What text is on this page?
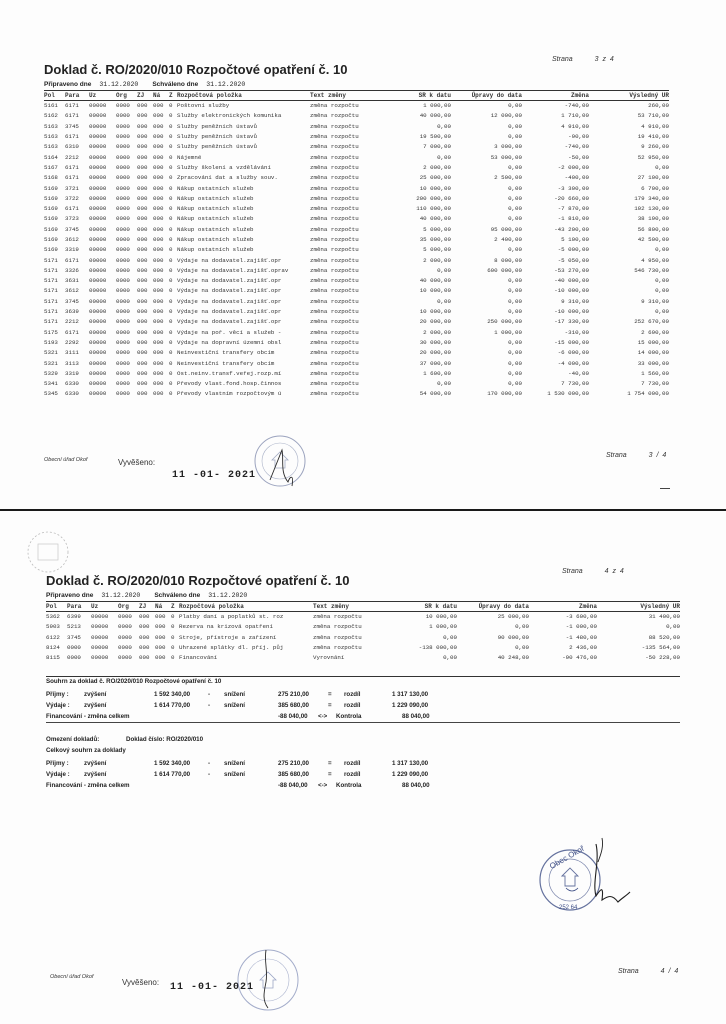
Strana	3 z 4
Doklad č. RO/2020/010 Rozpočtové opatření č. 10
Připraveno dne 31.12.2020 Schváleno dne 31.12.2020
Pol	Para	Uz	Org	ZJ	Ná	Z	Rozpočtová položka	Text změny	SR k datu	Úpravy do data	Změna	Výsledný UR
5161	6171	00000	0000	000	000	0	Poštovní služby	změna rozpočtu	1 000,00	0,00	-740,00	260,00
5162	6171	00000	0000	000	000	0	Služby elektronických komunika	změna rozpočtu	40 000,00	12 000,00	1 710,00	53 710,00
5163	3745	00000	0000	000	000	0	Služby peněžních ústavů	změna rozpočtu	0,00	0,00	4 910,00	4 910,00
5163	6171	00000	0000	000	000	0	Služby peněžních ústavů	změna rozpočtu	19 500,00	0,00	-90,00	19 410,00
5163	6310	00000	0000	000	000	0	Služby peněžních ústavů	změna rozpočtu	7 000,00	3 000,00	-740,00	9 260,00
5164	2212	00000	0000	000	000	0	Nájemné	změna rozpočtu	0,00	53 000,00	-50,00	52 950,00
5167	6171	00000	0000	000	000	0	Služby školení a vzdělávání	změna rozpočtu	2 000,00	0,00	-2 000,00	0,00
5168	6171	00000	0000	000	000	0	Zpracování dat a služby souv.	změna rozpočtu	25 000,00	2 500,00	-400,00	27 100,00
5169	3721	00000	0000	000	000	0	Nákup ostatních služeb	změna rozpočtu	10 000,00	0,00	-3 300,00	6 700,00
5169	3722	00000	0000	000	000	0	Nákup ostatních služeb	změna rozpočtu	200 000,00	0,00	-20 660,00	179 340,00
5169	6171	00000	0000	000	000	0	Nákup ostatních služeb	změna rozpočtu	110 000,00	0,00	-7 870,00	102 130,00
5169	3723	00000	0000	000	000	0	Nákup ostatních služeb	změna rozpočtu	40 000,00	0,00	-1 810,00	38 190,00
5169	3745	00000	0000	000	000	0	Nákup ostatních služeb	změna rozpočtu	5 000,00	95 000,00	-43 200,00	56 800,00
5169	3612	00000	0000	000	000	0	Nákup ostatních služeb	změna rozpočtu	35 000,00	2 400,00	5 100,00	42 500,00
5169	3319	00000	0000	000	000	0	Nákup ostatních služeb	změna rozpočtu	5 000,00	0,00	-5 000,00	0,00
5171	6171	00000	0000	000	000	0	Výdaje na dodavatel.zajišť.opr	změna rozpočtu	2 000,00	8 000,00	-5 050,00	4 950,00
5171	3326	00000	0000	000	000	0	Výdaje na dodavatel.zajišť.oprav	změna rozpočtu	0,00	600 000,00	-53 270,00	546 730,00
5171	3631	00000	0000	000	000	0	Výdaje na dodavatel.zajišť.opr	změna rozpočtu	40 000,00	0,00	-40 000,00	0,00
5171	3612	00000	0000	000	000	0	Výdaje na dodavatel.zajišť.opr	změna rozpočtu	10 000,00	0,00	-10 000,00	0,00
5171	3745	00000	0000	000	000	0	Výdaje na dodavatel.zajišť.opr	změna rozpočtu	0,00	0,00	9 310,00	9 310,00
5171	3639	00000	0000	000	000	0	Výdaje na dodavatel.zajišť.opr	změna rozpočtu	10 000,00	0,00	-10 000,00	0,00
5171	2212	00000	0000	000	000	0	Výdaje na dodavatel.zajišť.opr	změna rozpočtu	20 000,00	250 000,00	-17 330,00	252 670,00
5175	6171	00000	0000	000	000	0	Výdaje na poř. věcí a služeb -	změna rozpočtu	2 000,00	1 000,00	-310,00	2 690,00
5193	2292	00000	0000	000	000	0	Výdaje na dopravní územní obsl	změna rozpočtu	30 000,00	0,00	-15 000,00	15 000,00
5321	3111	00000	0000	000	000	0	Neinvestiční transfery obcím	změna rozpočtu	20 000,00	0,00	-6 000,00	14 000,00
5321	3113	00000	0000	000	000	0	Neinvestiční transfery obcím	změna rozpočtu	37 000,00	0,00	-4 000,00	33 000,00
5329	3319	00000	0000	000	000	0	Ost.neinv.transf.veřej.rozp.mí	změna rozpočtu	1 600,00	0,00	-40,00	1 560,00
5341	6330	00000	0000	000	000	0	Převody vlast.fond.hosp.činnos	změna rozpočtu	0,00	0,00	7 730,00	7 730,00
5345	6330	00000	0000	000	000	0	Převody vlastním rozpočtovým ú	změna rozpočtu	54 000,00	170 000,00	1 530 000,00	1 754 000,00
Obecní úřad Okoř	Vyvěšeno:
11 -01- 2021
Strana	3 / 4
Strana	4 z 4
Doklad č. RO/2020/010 Rozpočtové opatření č. 10
Připraveno dne 31.12.2020 Schváleno dne 31.12.2020
Pol	Para	Uz	Org	ZJ	Ná	Z	Rozpočtová položka	Text změny	SR k datu	Úpravy do data	Změna	Výsledný UR
5362	6399	00000	0000	000	000	0	Platby daní a poplatků st. roz	změna rozpočtu	10 000,00	25 000,00	-3 600,00	31 400,00
5903	5213	00000	0000	000	000	0	Rezerva na krizová opatření	změna rozpočtu	1 000,00	0,00	-1 000,00	0,00
6122	3745	00000	0000	000	000	0	Stroje, přístroje a zařízení	změna rozpočtu	0,00	90 000,00	-1 480,00	88 520,00
8124	0000	00000	0000	000	000	0	Uhrazené splátky dl. příj. půj	změna rozpočtu	-138 000,00	0,00	2 436,00	-135 564,00
8115	0000	00000	0000	000	000	0	Financování	Vyrovnání	0,00	40 248,00	-90 476,00	-50 228,00
Souhrn za doklad č. RO/2020/010 Rozpočtové opatření č. 10
Příjmy : zvýšení	1 592 340,00	- snížení	275 210,00	= rozdíl	1 317 130,00
Výdaje : zvýšení	1 614 770,00	- snížení	385 680,00	= rozdíl	1 229 090,00
Financování - změna celkem	-88 040,00 <-> Kontrola	88 040,00
Omezení dokladů:	Doklad číslo: RO/2020/010
Celkový souhrn za doklady
Příjmy : zvýšení	1 592 340,00	- snížení	275 210,00	= rozdíl	1 317 130,00
Výdaje : zvýšení	1 614 770,00	- snížení	385 680,00	= rozdíl	1 229 090,00
Financování - změna celkem	-88 040,00 <-> Kontrola	88 040,00
Obec Okoř
252 64
Obecní úřad Okoř
Vyvěšeno: 11 -01- 2021
Strana	4 / 4
